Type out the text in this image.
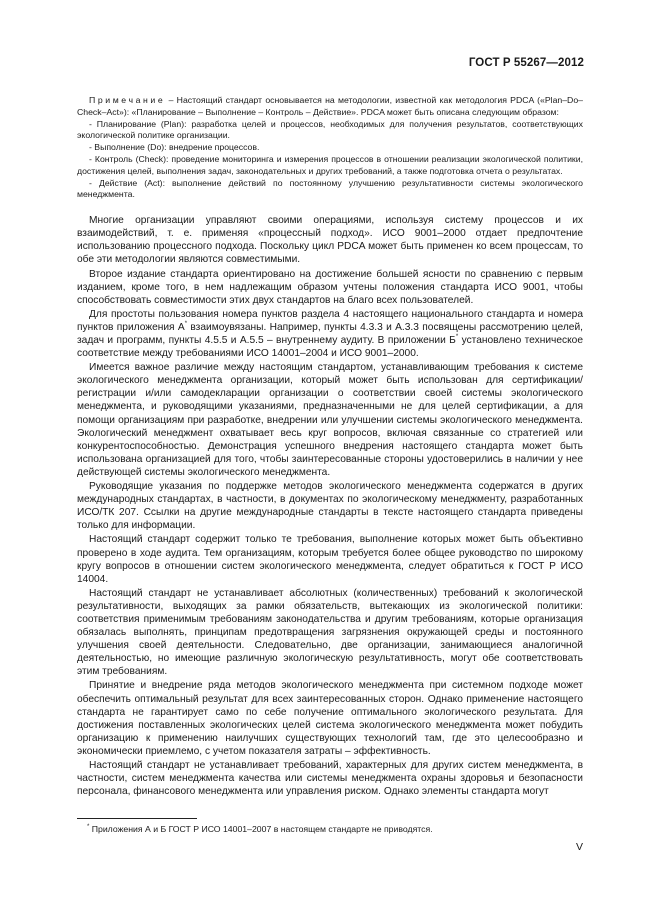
ГОСТ Р 55267—2012

Примечание – Настоящий стандарт основывается на методологии, известной как методология PDCA («Plan–Do–Check–Act»): «Планирование – Выполнение – Контроль – Действие». PDCA может быть описана следующим образом:

- Планирование (Plan): разработка целей и процессов, необходимых для получения результатов, соответствующих экологической политике организации.

- Выполнение (Do): внедрение процессов.

- Контроль (Check): проведение мониторинга и измерения процессов в отношении реализации экологической политики, достижения целей, выполнения задач, законодательных и других требований, а также подготовка отчета о результатах.

- Действие (Act): выполнение действий по постоянному улучшению результативности системы экологического менеджмента.

Многие организации управляют своими операциями, используя систему процессов и их взаимодействий, т. е. применяя «процессный подход». ИСО 9001–2000 отдает предпочтение использованию процессного подхода. Поскольку цикл PDCA может быть применен ко всем процессам, то обе эти методологии являются совместимыми.

Второе издание стандарта ориентировано на достижение большей ясности по сравнению с первым изданием, кроме того, в нем надлежащим образом учтены положения стандарта ИСО 9001, чтобы способствовать совместимости этих двух стандартов на благо всех пользователей.

Для простоты пользования номера пунктов раздела 4 настоящего национального стандарта и номера пунктов приложения А* взаимоувязаны. Например, пункты 4.3.3 и А.3.3 посвящены рассмотрению целей, задач и программ, пункты 4.5.5 и А.5.5 – внутреннему аудиту. В приложении Б* установлено техническое соответствие между требованиями ИСО 14001–2004 и ИСО 9001–2000.

Имеется важное различие между настоящим стандартом, устанавливающим требования к системе экологического менеджмента организации, который может быть использован для сертификации/регистрации и/или самодекларации организации о соответствии своей системы экологического менеджмента, и руководящими указаниями, предназначенными не для целей сертификации, а для помощи организациям при разработке, внедрении или улучшении системы экологического менеджмента. Экологический менеджмент охватывает весь круг вопросов, включая связанные со стратегией или конкурентоспособностью. Демонстрация успешного внедрения настоящего стандарта может быть использована организацией для того, чтобы заинтересованные стороны удостоверились в наличии у нее действующей системы экологического менеджмента.

Руководящие указания по поддержке методов экологического менеджмента содержатся в других международных стандартах, в частности, в документах по экологическому менеджменту, разработанных ИСО/ТК 207. Ссылки на другие международные стандарты в тексте настоящего стандарта приведены только для информации.

Настоящий стандарт содержит только те требования, выполнение которых может быть объективно проверено в ходе аудита. Тем организациям, которым требуется более общее руководство по широкому кругу вопросов в отношении систем экологического менеджмента, следует обратиться к ГОСТ Р ИСО 14004.

Настоящий стандарт не устанавливает абсолютных (количественных) требований к экологической результативности, выходящих за рамки обязательств, вытекающих из экологической политики: соответствия применимым требованиям законодательства и другим требованиям, которые организация обязалась выполнять, принципам предотвращения загрязнения окружающей среды и постоянного улучшения своей деятельности. Следовательно, две организации, занимающиеся аналогичной деятельностью, но имеющие различную экологическую результативность, могут обе соответствовать этим требованиям.

Принятие и внедрение ряда методов экологического менеджмента при системном подходе может обеспечить оптимальный результат для всех заинтересованных сторон. Однако применение настоящего стандарта не гарантирует само по себе получение оптимального экологического результата. Для достижения поставленных экологических целей система экологического менеджмента может побудить организацию к применению наилучших существующих технологий там, где это целесообразно и экономически приемлемо, с учетом показателя затраты – эффективность.

Настоящий стандарт не устанавливает требований, характерных для других систем менеджмента, в частности, систем менеджмента качества или системы менеджмента охраны здоровья и безопасности персонала, финансового менеджмента или управления риском. Однако элементы стандарта могут

* Приложения А и Б ГОСТ Р ИСО 14001–2007 в настоящем стандарте не приводятся.
V
